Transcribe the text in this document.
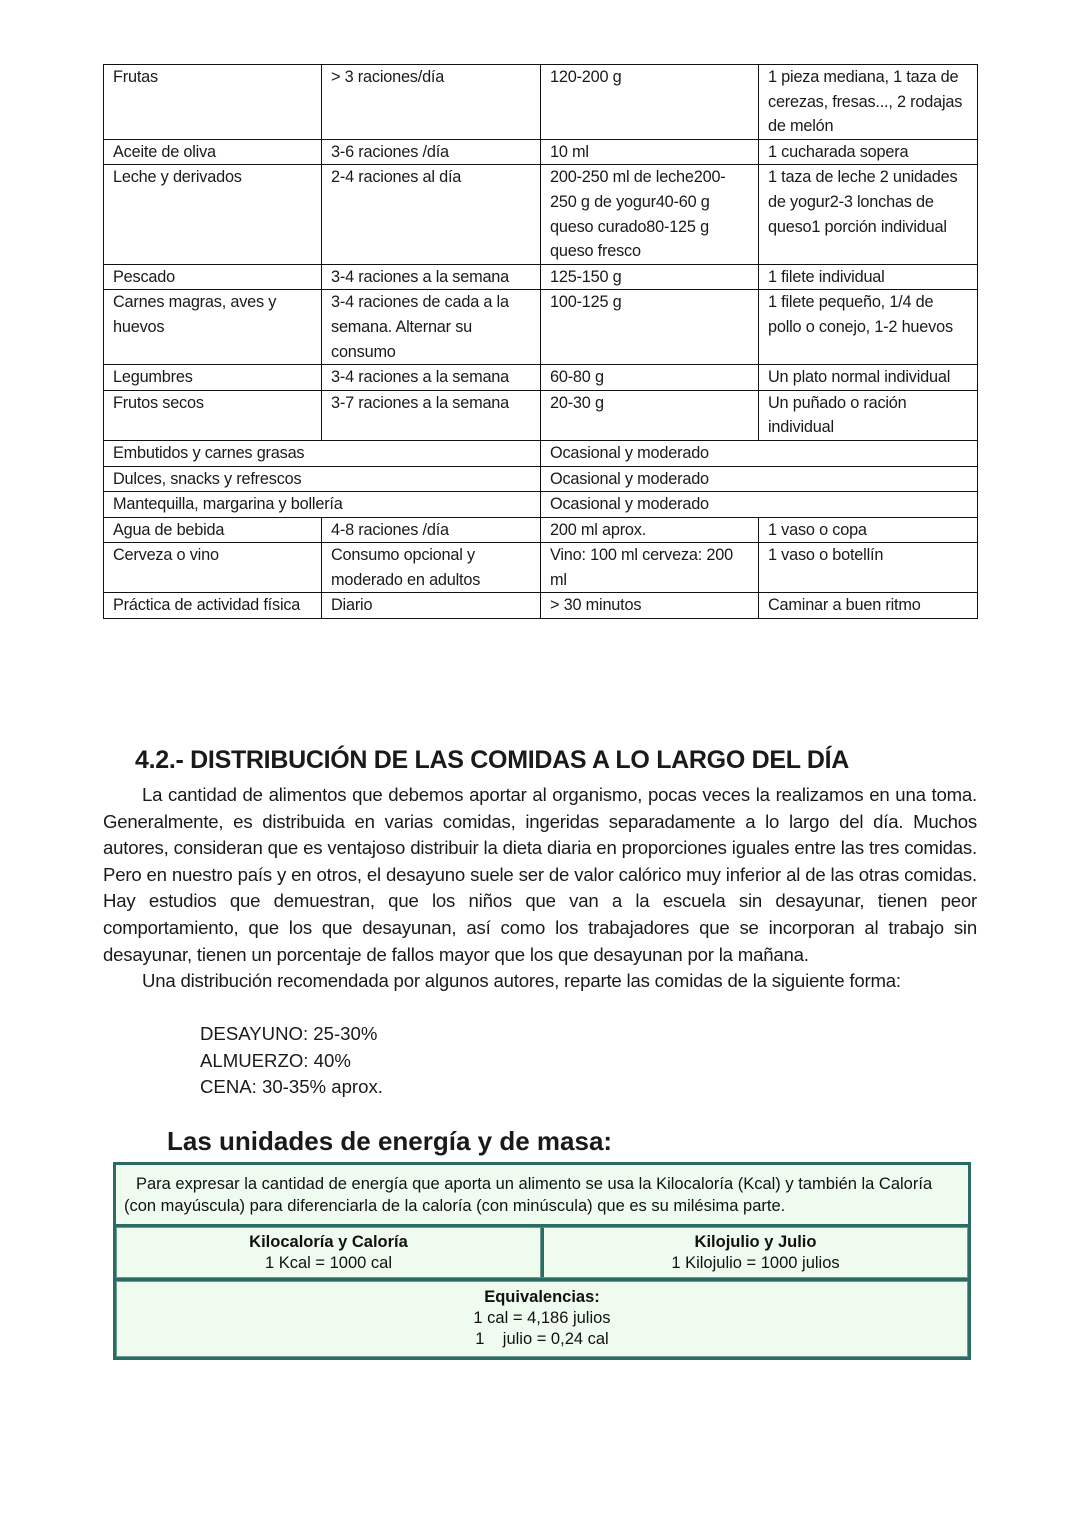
Frutas	> 3 raciones/día	120-200 g	1 pieza mediana, 1 taza de cerezas, fresas..., 2 rodajas de melón
Aceite de oliva	3-6 raciones /día	10 ml	1 cucharada sopera
Leche y derivados	2-4 raciones al día	200-250 ml de leche200-250 g de yogur40-60 g queso curado80-125 g queso fresco	1 taza de leche 2 unidades de yogur2-3 lonchas de queso1 porción individual
Pescado	3-4 raciones a la semana	125-150 g	1 filete individual
Carnes magras, aves y huevos	3-4 raciones de cada a la semana. Alternar su consumo	100-125 g	1 filete pequeño, 1/4 de pollo o conejo, 1-2 huevos
Legumbres	3-4 raciones a la semana	60-80 g	Un plato normal individual
Frutos secos	3-7 raciones a la semana	20-30 g	Un puñado o ración individual
Embutidos y carnes grasas		Ocasional y moderado	
Dulces, snacks y refrescos		Ocasional y moderado	
Mantequilla, margarina y bollería		Ocasional y moderado	
Agua de bebida	4-8 raciones /día	200 ml aprox.	1 vaso o copa
Cerveza o vino	Consumo opcional y moderado en adultos	Vino: 100 ml cerveza: 200 ml	1 vaso o botellín
Práctica de actividad física	Diario	> 30 minutos	Caminar a buen ritmo
4.2.- DISTRIBUCIÓN DE LAS COMIDAS A LO LARGO DEL DÍA

La cantidad de alimentos que debemos aportar al organismo, pocas veces la realizamos en una toma. Generalmente, es distribuida en varias comidas, ingeridas separadamente a lo largo del día. Muchos autores, consideran que es ventajoso distribuir la dieta diaria en proporciones iguales entre las tres comidas. Pero en nuestro país y en otros, el desayuno suele ser de valor calórico muy inferior al de las otras comidas. Hay estudios que demuestran, que los niños que van a la escuela sin desayunar, tienen peor comportamiento, que los que desayunan, así como los trabajadores que se incorporan al trabajo sin desayunar, tienen un porcentaje de fallos mayor que los que desayunan por la mañana.

Una distribución recomendada por algunos autores, reparte las comidas de la siguiente forma:

DESAYUNO: 25-30%
ALMUERZO: 40%
CENA: 30-35% aprox.
Las unidades de energía y de masa:
Para expresar la cantidad de energía que aporta un alimento se usa la Kilocaloría (Kcal) y también la Caloría (con mayúscula) para diferenciarla de la caloría (con minúscula) que es su milésima parte.
Kilocaloría y Caloría
1 Kcal = 1000 cal
Kilojulio y Julio
1 Kilojulio = 1000 julios
Equivalencias:
1 cal = 4,186 julios
1    julio = 0,24 cal
